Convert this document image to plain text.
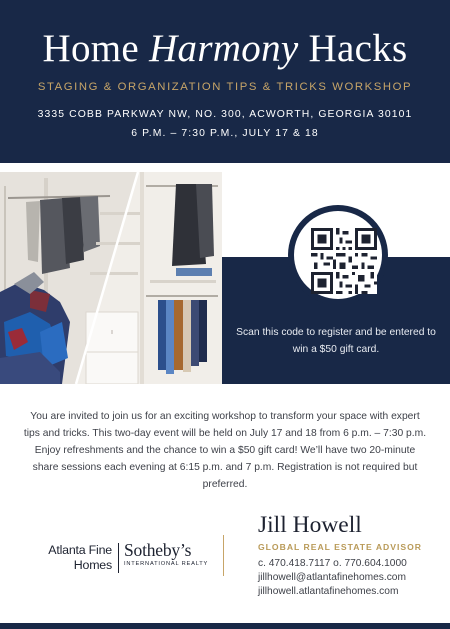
Home Harmony Hacks
STAGING & ORGANIZATION TIPS & TRICKS WORKSHOP
3335 COBB PARKWAY NW, NO. 300, ACWORTH, GEORGIA 30101
6 P.M. – 7:30 P.M., JULY 17 & 18
Scan this code to register and be entered to win a $50 gift card.
You are invited to join us for an exciting workshop to transform your space with expert tips and tricks. This two-day event will be held on July 17 and 18 from 6 p.m. – 7:30 p.m. Enjoy refreshments and the chance to win a $50 gift card! We’ll have two 20-minute share sessions each evening at 6:15 p.m. and 7 p.m. Registration is not required but preferred.
Atlanta Fine
Homes
Sotheby’s
INTERNATIONAL REALTY
Jill Howell
GLOBAL REAL ESTATE ADVISOR
c. 470.418.7117 o. 770.604.1000
jillhowell@atlantafinehomes.com
jillhowell.atlantafinehomes.com
